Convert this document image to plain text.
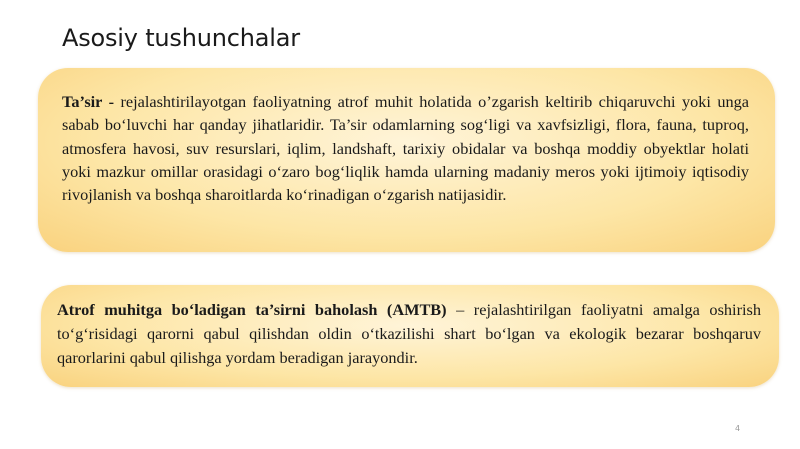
Asosiy tushunchalar

Ta’sir - rejalashtirilayotgan faoliyatning atrof muhit holatida o’zgarish keltirib chiqaruvchi yoki unga sabab bo‘luvchi har qanday jihatlaridir. Ta’sir odamlarning sog‘ligi va xavfsizligi, flora, fauna, tuproq, atmosfera havosi, suv resurslari, iqlim, landshaft, tarixiy obidalar va boshqa moddiy obyektlar holati yoki mazkur omillar orasidagi o‘zaro bog‘liqlik hamda ularning madaniy meros yoki ijtimoiy iqtisodiy rivojlanish va boshqa sharoitlarda ko‘rinadigan o‘zgarish natijasidir.

Atrof muhitga bo‘ladigan ta’sirni baholash (AMTB) – rejalashtirilgan faoliyatni amalga oshirish to‘g‘risidagi qarorni qabul qilishdan oldin o‘tkazilishi shart bo‘lgan va ekologik bezarar boshqaruv qarorlarini qabul qilishga yordam beradigan jarayondir.

4
